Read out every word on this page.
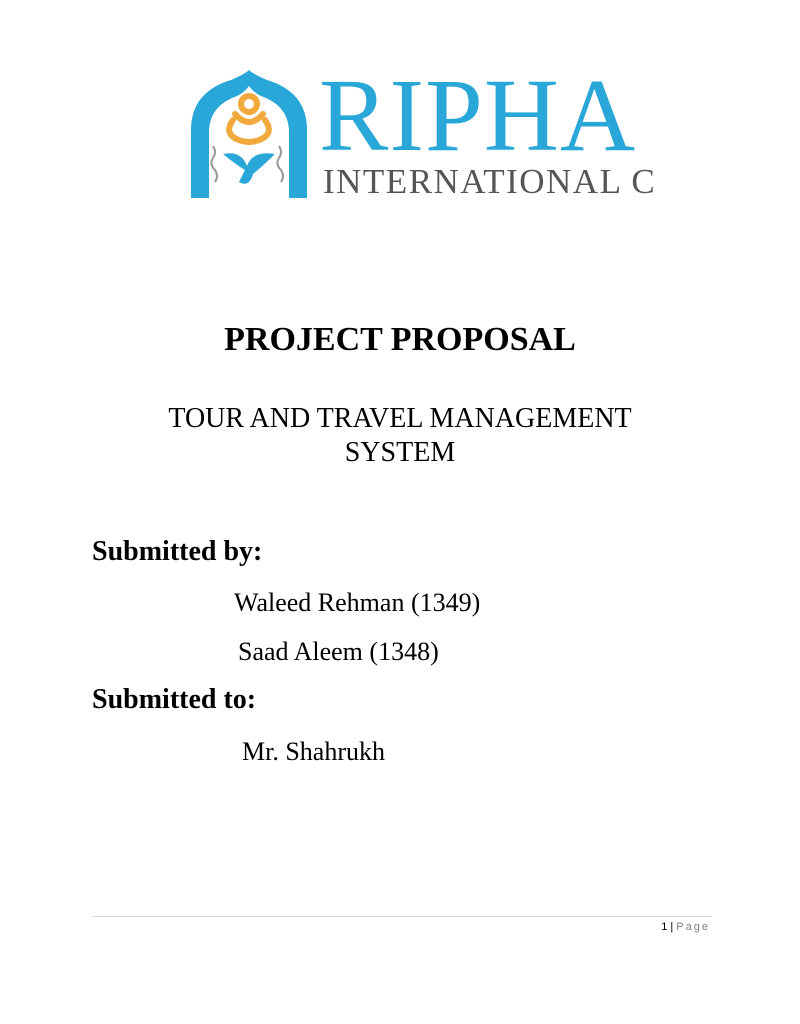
RIPHA
INTERNATIONAL C
PROJECT PROPOSAL
TOUR AND TRAVEL MANAGEMENT SYSTEM
Submitted by:
Waleed Rehman (1349)
Saad Aleem (1348)
Submitted to:
Mr. Shahrukh
1 | Page
